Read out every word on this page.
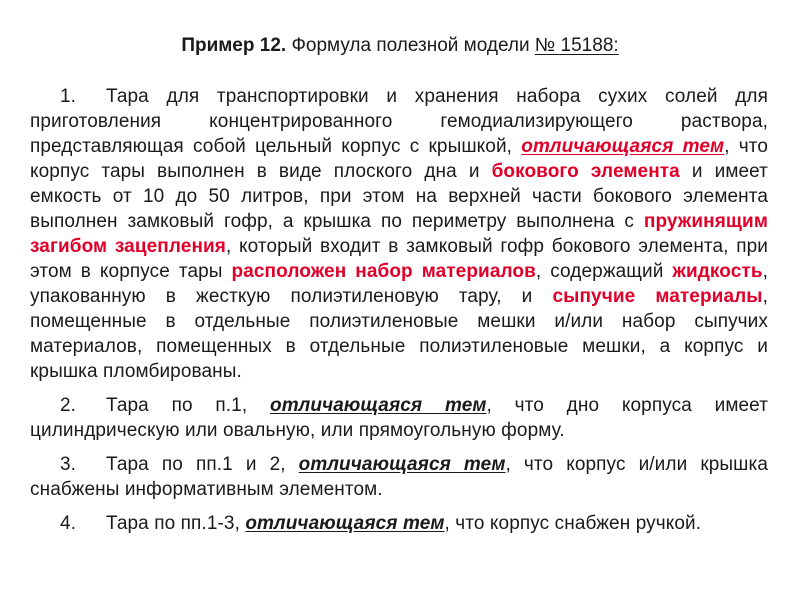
Пример 12. Формула полезной модели № 15188:

1. Тара для транспортировки и хранения набора сухих солей для приготовления концентрированного гемодиализирующего раствора, представляющая собой цельный корпус с крышкой, отличающаяся тем, что корпус тары выполнен в виде плоского дна и бокового элемента и имеет емкость от 10 до 50 литров, при этом на верхней части бокового элемента выполнен замковый гофр, а крышка по периметру выполнена с пружинящим загибом зацепления, который входит в замковый гофр бокового элемента, при этом в корпусе тары расположен набор материалов, содержащий жидкость, упакованную в жесткую полиэтиленовую тару, и сыпучие материалы, помещенные в отдельные полиэтиленовые мешки и/или набор сыпучих материалов, помещенных в отдельные полиэтиленовые мешки, а корпус и крышка пломбированы.

2. Тара по п.1, отличающаяся тем, что дно корпуса имеет цилиндрическую или овальную, или прямоугольную форму.

3. Тара по пп.1 и 2, отличающаяся тем, что корпус и/или крышка снабжены информативным элементом.

4. Тара по пп.1-3, отличающаяся тем, что корпус снабжен ручкой.
